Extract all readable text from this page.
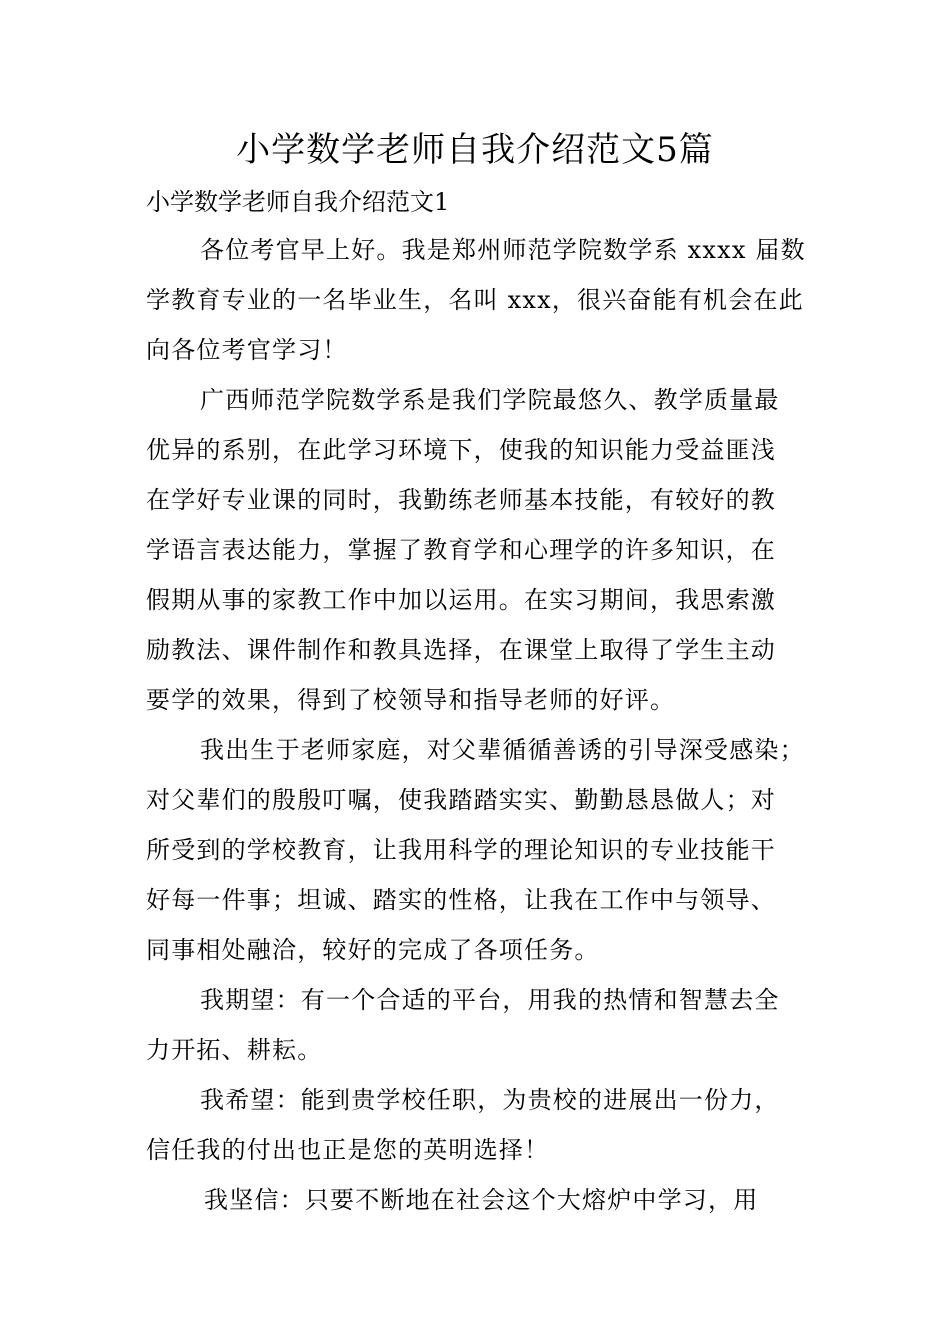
小学数学老师自我介绍范文5篇

小学数学老师自我介绍范文1

各位考官早上好。我是郑州师范学院数学系 xxxx 届数

学教育专业的一名毕业生，名叫 xxx，很兴奋能有机会在此

向各位考官学习！

广西师范学院数学系是我们学院最悠久、教学质量最

优异的系别，在此学习环境下，使我的知识能力受益匪浅

在学好专业课的同时，我勤练老师基本技能，有较好的教

学语言表达能力，掌握了教育学和心理学的许多知识，在

假期从事的家教工作中加以运用。在实习期间，我思索激

励教法、课件制作和教具选择，在课堂上取得了学生主动

要学的效果，得到了校领导和指导老师的好评。

我出生于老师家庭，对父辈循循善诱的引导深受感染；

对父辈们的殷殷叮嘱，使我踏踏实实、勤勤恳恳做人；对

所受到的学校教育，让我用科学的理论知识的专业技能干

好每一件事；坦诚、踏实的性格，让我在工作中与领导、

同事相处融洽，较好的完成了各项任务。

我期望：有一个合适的平台，用我的热情和智慧去全

力开拓、耕耘。

我希望：能到贵学校任职，为贵校的进展出一份力，

信任我的付出也正是您的英明选择！

我坚信：只要不断地在社会这个大熔炉中学习，用
